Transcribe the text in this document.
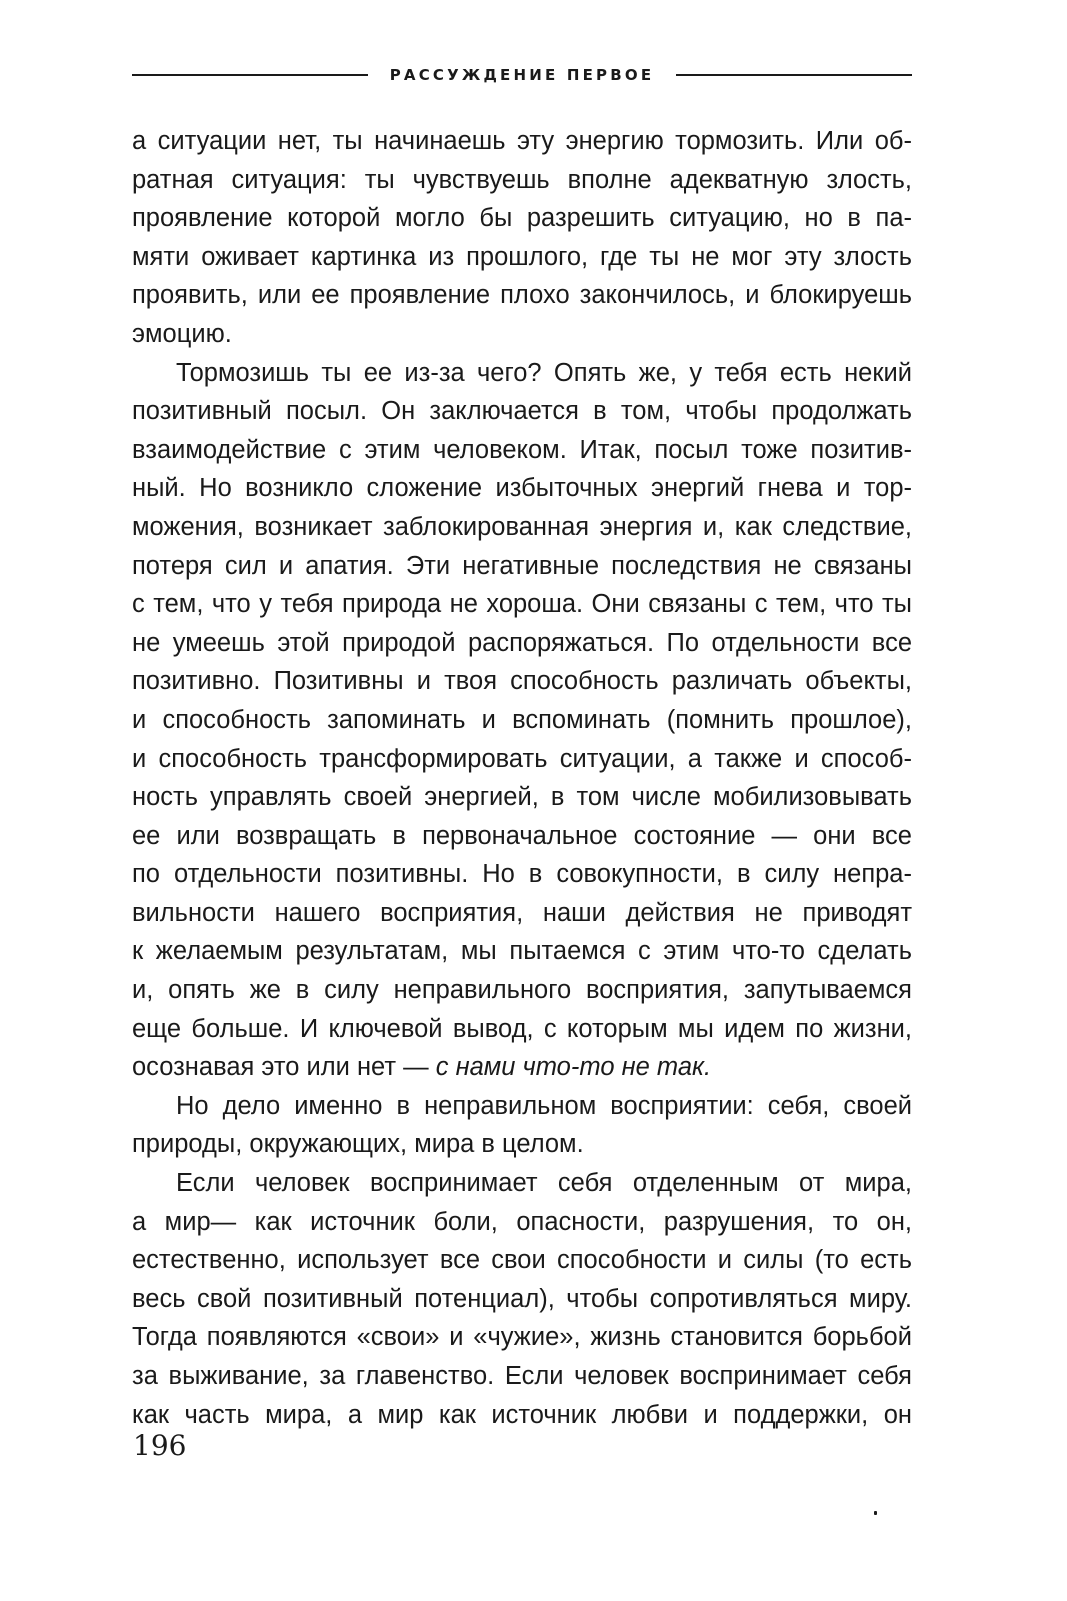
РАССУЖДЕНИЕ ПЕРВОЕ
а ситуации нет, ты начинаешь эту энергию тормозить. Или об-
ратная ситуация: ты чувствуешь вполне адекватную злость,
проявление которой могло бы разрешить ситуацию, но в па-
мяти оживает картинка из прошлого, где ты не мог эту злость
проявить, или ее проявление плохо закончилось, и блокируешь
эмоцию.
Тормозишь ты ее из-за чего? Опять же, у тебя есть некий
позитивный посыл. Он заключается в том, чтобы продолжать
взаимодействие с этим человеком. Итак, посыл тоже позитив-
ный. Но возникло сложение избыточных энергий гнева и тор-
можения, возникает заблокированная энергия и, как следствие,
потеря сил и апатия. Эти негативные последствия не связаны
с тем, что у тебя природа не хороша. Они связаны с тем, что ты
не умеешь этой природой распоряжаться. По отдельности все
позитивно. Позитивны и твоя способность различать объекты,
и способность запоминать и вспоминать (помнить прошлое),
и способность трансформировать ситуации, а также и способ-
ность управлять своей энергией, в том числе мобилизовывать
ее или возвращать в первоначальное состояние — они все
по отдельности позитивны. Но в совокупности, в силу непра-
вильности нашего восприятия, наши действия не приводят
к желаемым результатам, мы пытаемся с этим что-то сделать
и, опять же в силу неправильного восприятия, запутываемся
еще больше. И ключевой вывод, с которым мы идем по жизни,
осознавая это или нет — с нами что-то не так.
Но дело именно в неправильном восприятии: себя, своей
природы, окружающих, мира в целом.
Если человек воспринимает себя отделенным от мира,
а мир— как источник боли, опасности, разрушения, то он,
естественно, использует все свои способности и силы (то есть
весь свой позитивный потенциал), чтобы сопротивляться миру.
Тогда появляются «свои» и «чужие», жизнь становится борьбой
за выживание, за главенство. Если человек воспринимает себя
как часть мира, а мир как источник любви и поддержки, он
196
